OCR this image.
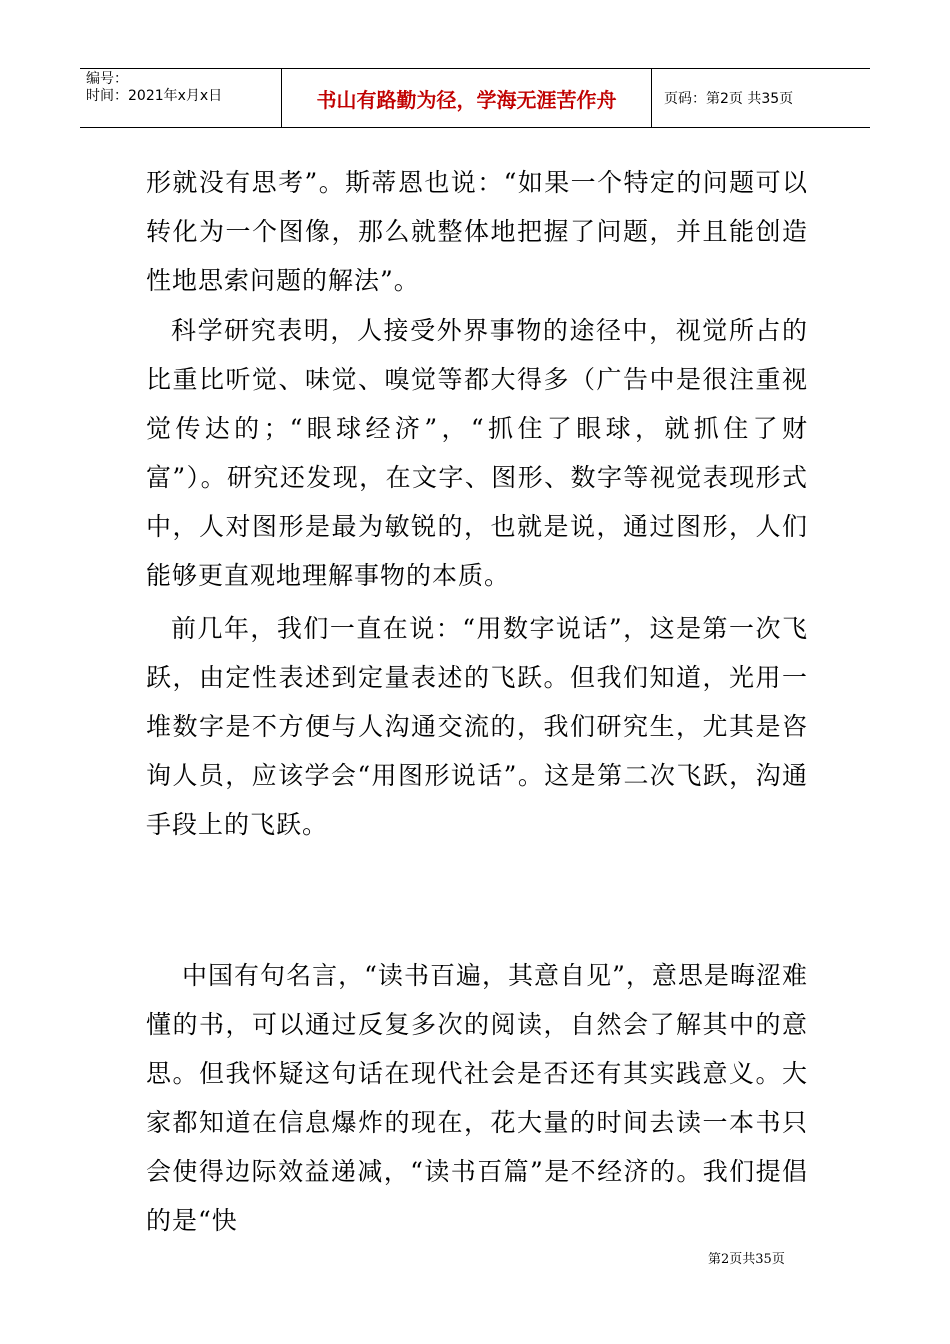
编号：
时间：2021年x月x日	书山有路勤为径，学海无涯苦作舟	页码：第2页 共35页

形就没有思考”。斯蒂恩也说：“如果一个特定的问题可以转化为一个图像，那么就整体地把握了问题，并且能创造性地思索问题的解法”。

科学研究表明，人接受外界事物的途径中，视觉所占的比重比听觉、味觉、嗅觉等都大得多（广告中是很注重视觉传达的；“眼球经济”，“抓住了眼球，就抓住了财富”）。研究还发现，在文字、图形、数字等视觉表现形式中，人对图形是最为敏锐的，也就是说，通过图形，人们能够更直观地理解事物的本质。

前几年，我们一直在说：“用数字说话”，这是第一次飞跃，由定性表述到定量表述的飞跃。但我们知道，光用一堆数字是不方便与人沟通交流的，我们研究生，尤其是咨询人员，应该学会“用图形说话”。这是第二次飞跃，沟通手段上的飞跃。

中国有句名言，“读书百遍，其意自见”，意思是晦涩难懂的书，可以通过反复多次的阅读，自然会了解其中的意思。但我怀疑这句话在现代社会是否还有其实践意义。大家都知道在信息爆炸的现在，花大量的时间去读一本书只会使得边际效益递减，“读书百篇”是不经济的。我们提倡的是“快

第2页共35页
